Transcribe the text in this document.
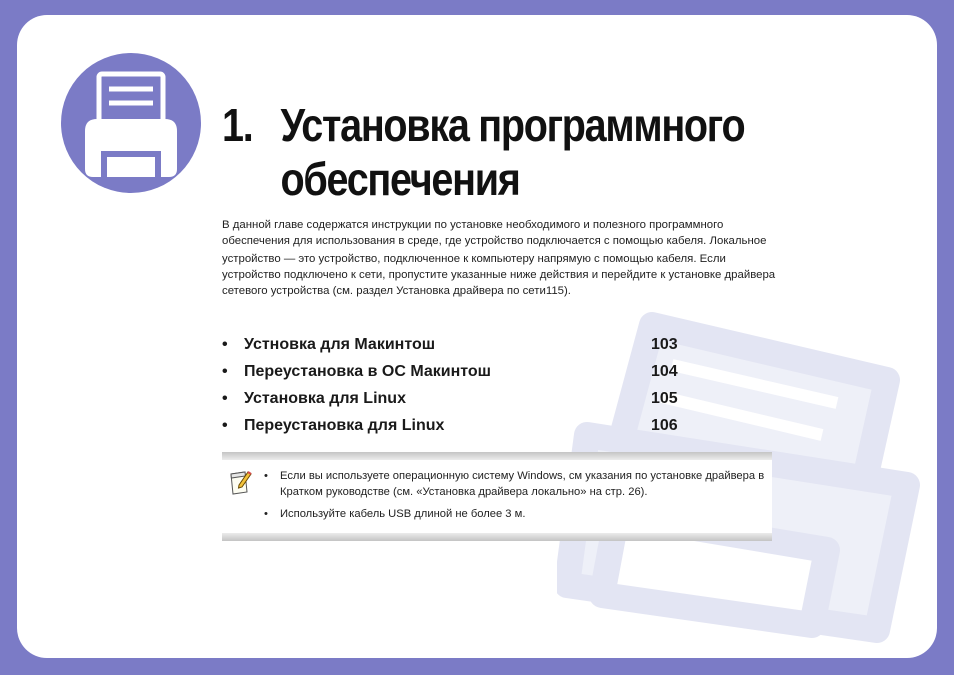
1. Установка программного
обеспечения

В данной главе содержатся инструкции по установке необходимого и полезного программного обеспечения для использования в среде, где устройство подключается с помощью кабеля. Локальное

устройство — это устройство, подключенное к компьютеру напрямую с помощью кабеля. Если устройство подключено к сети, пропустите указанные ниже действия и перейдите к установке драйвера сетевого устройства (см. раздел Установка драйвера по сети115).

• Устновка для Макинтош	103
• Переустановка в ОС Макинтош	104
• Установка для Linux	105
• Переустановка для Linux	106
• Если вы используете операционную систему Windows, см указания по установке драйвера в Кратком руководстве (см. «Установка драйвера локально» на стр. 26).
• Используйте кабель USB длиной не более 3 м.
